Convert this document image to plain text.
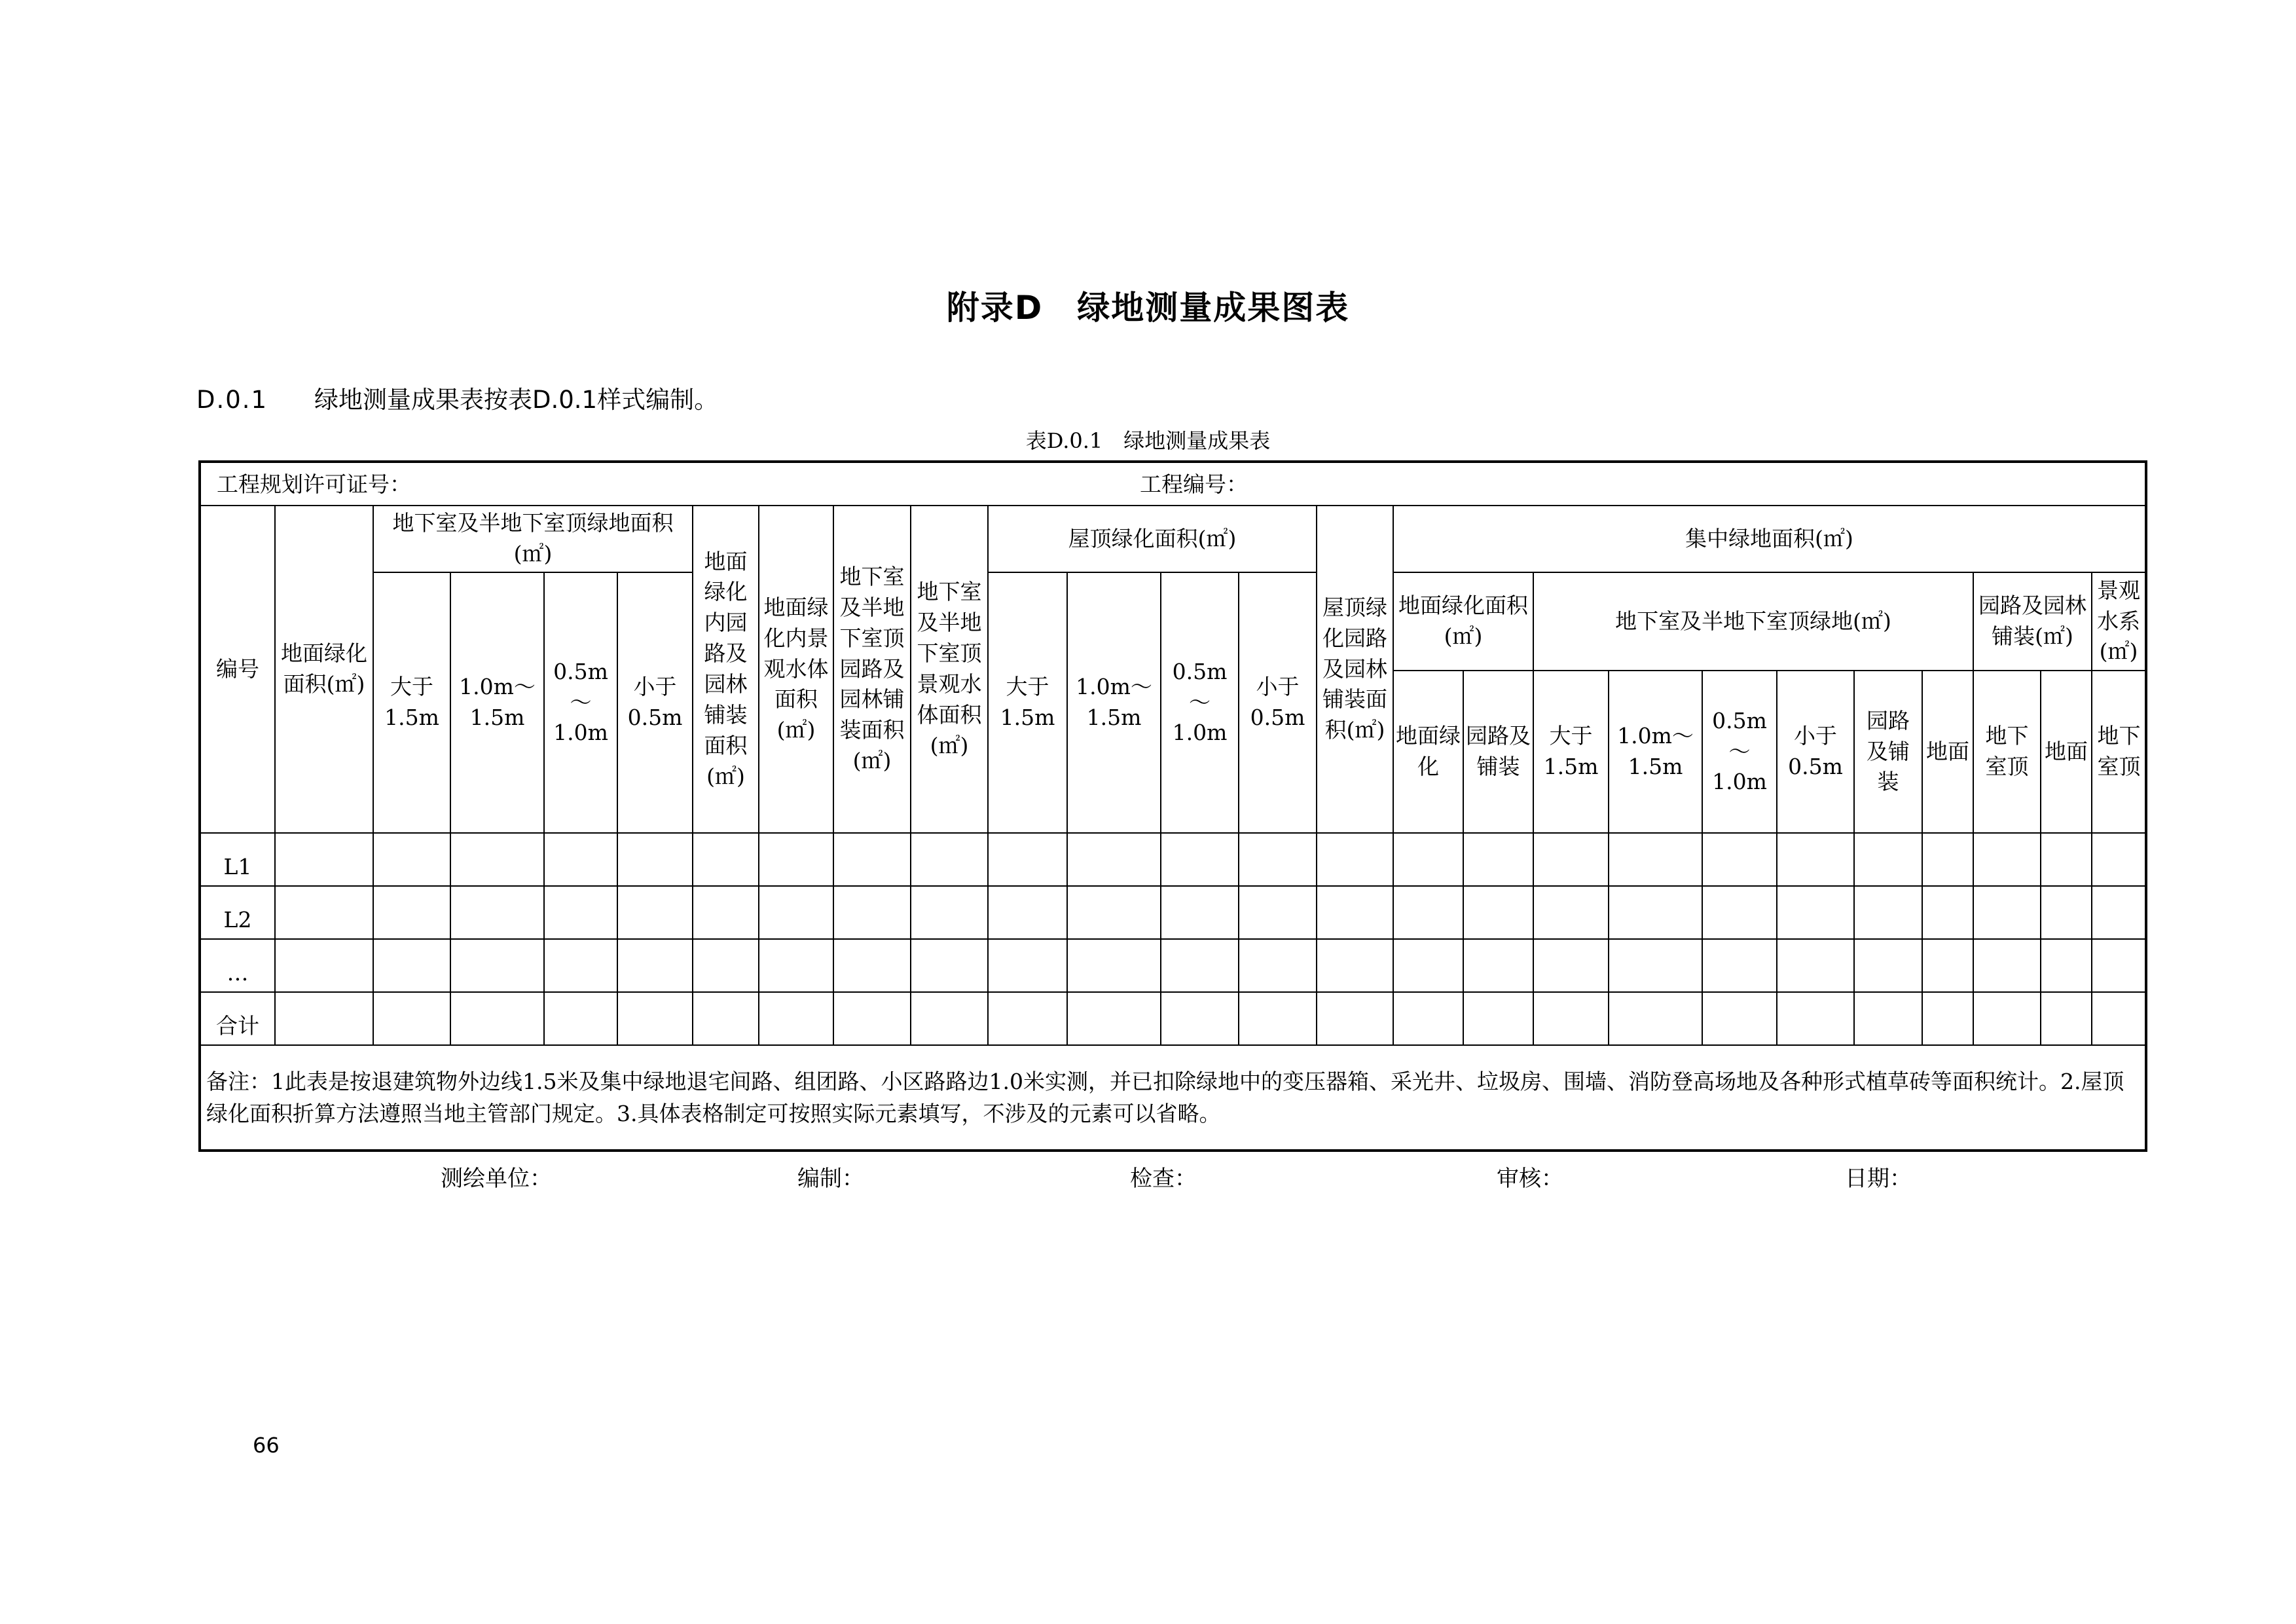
附录D　绿地测量成果图表
D.0.1 绿地测量成果表按表D.0.1样式编制。
表D.0.1　绿地测量成果表
工程规划许可证号： 工程编号：																									

编号	地面绿化面积(㎡)	地下室及半地下室顶绿地面积(㎡)				地面绿化内园路及园林铺装面积(㎡)	地面绿化内景观水体面积(㎡)	地下室及半地下室顶园路及园林铺装面积(㎡)	地下室及半地下室顶景观水体面积(㎡)	屋顶绿化面积(㎡)				屋顶绿化园路及园林铺装面积(㎡)	集中绿地面积(㎡)										
		大于1.5m	1.0m～1.5m	0.5m～1.0m	小于0.5m					大于1.5m	1.0m～1.5m	0.5m～1.0m	小于0.5m		地面绿化面积(㎡)		地下室及半地下室顶绿地(㎡)						园路及园林铺装(㎡)		景观水系(㎡)
															地面绿化	园路及铺装	大于1.5m	1.0m～1.5m	0.5m～1.0m	小于0.5m	园路及铺装	地面	地下室顶	地面	地下室顶
L1																									
L2																									
…																									
合计																									
备注：1此表是按退建筑物外边线1.5米及集中绿地退宅间路、组团路、小区路路边1.0米实测，并已扣除绿地中的变压器箱、采光井、垃圾房、围墙、消防登高场地及各种形式植草砖等面积统计。2.屋顶绿化面积折算方法遵照当地主管部门规定。3.具体表格制定可按照实际元素填写，不涉及的元素可以省略。																									
测绘单位：	编制：	检查：	审核：	日期：
66
